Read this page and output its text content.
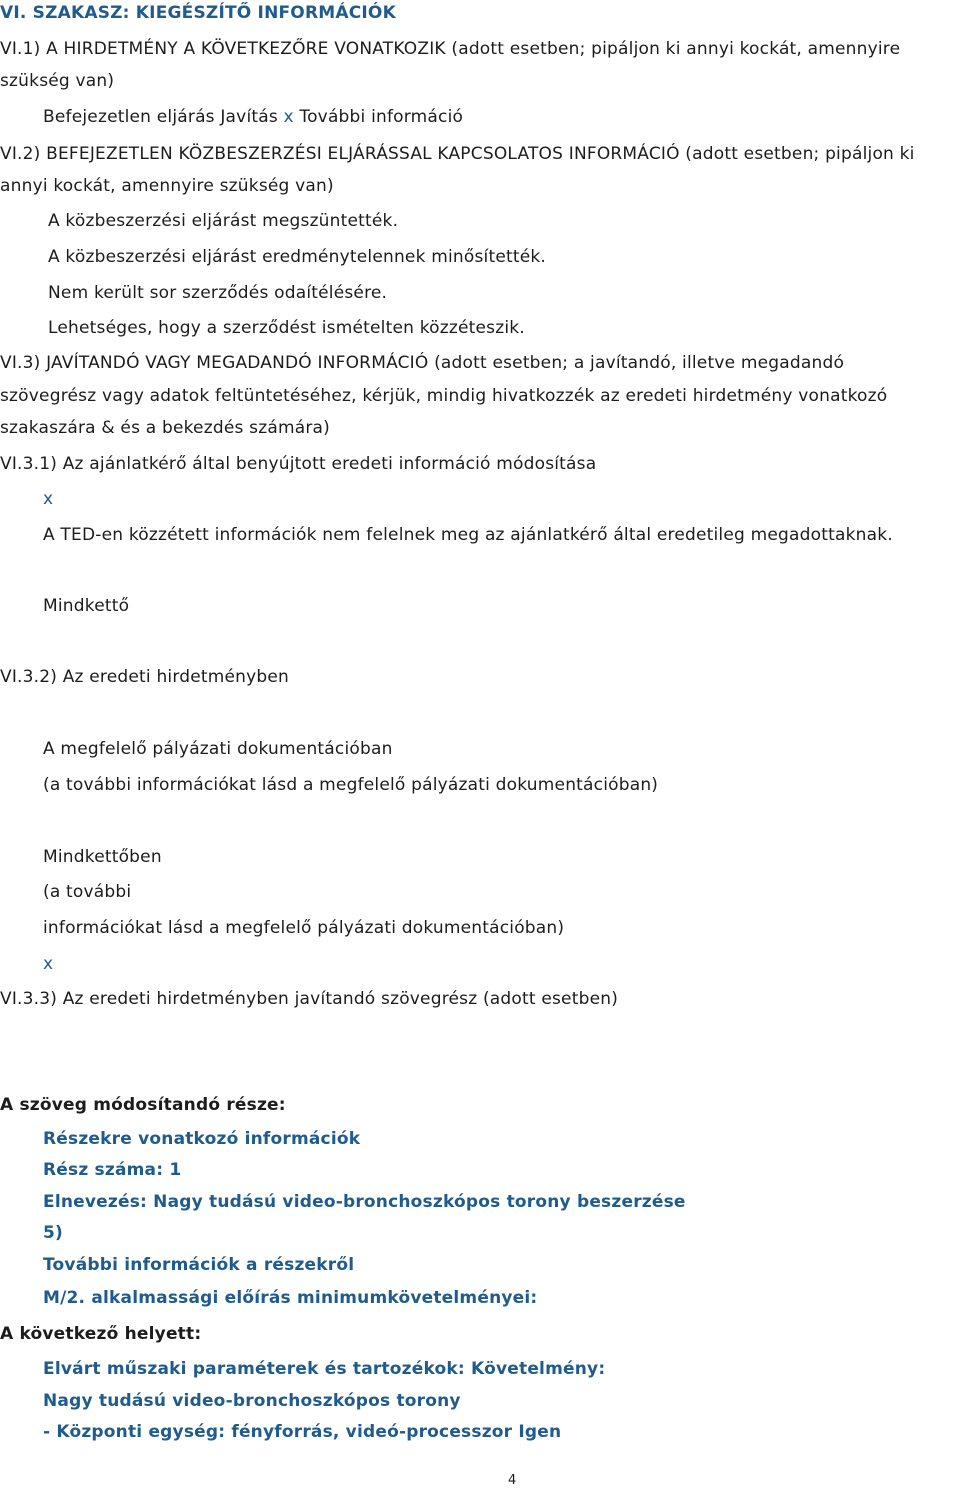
VI. SZAKASZ: KIEGÉSZÍTŐ INFORMÁCIÓK
VI.1) A HIRDETMÉNY A KÖVETKEZŐRE VONATKOZIK (adott esetben; pipáljon ki annyi kockát, amennyire
szükség van)
Befejezetlen eljárás Javítás x További információ
VI.2) BEFEJEZETLEN KÖZBESZERZÉSI ELJÁRÁSSAL KAPCSOLATOS INFORMÁCIÓ (adott esetben; pipáljon ki
annyi kockát, amennyire szükség van)
A közbeszerzési eljárást megszüntették.
A közbeszerzési eljárást eredménytelennek minősítették.
Nem került sor szerződés odaítélésére.
Lehetséges, hogy a szerződést ismételten közzéteszik.
VI.3) JAVÍTANDÓ VAGY MEGADANDÓ INFORMÁCIÓ (adott esetben; a javítandó, illetve megadandó
szövegrész vagy adatok feltüntetéséhez, kérjük, mindig hivatkozzék az eredeti hirdetmény vonatkozó
szakaszára & és a bekezdés számára)
VI.3.1) Az ajánlatkérő által benyújtott eredeti információ módosítása
x
A TED-en közzétett információk nem felelnek meg az ajánlatkérő által eredetileg megadottaknak.
Mindkettő
VI.3.2) Az eredeti hirdetményben
A megfelelő pályázati dokumentációban
(a további információkat lásd a megfelelő pályázati dokumentációban)
Mindkettőben
(a további
információkat lásd a megfelelő pályázati dokumentációban)
x
VI.3.3) Az eredeti hirdetményben javítandó szövegrész (adott esetben)
A szöveg módosítandó része:
Részekre vonatkozó információk
Rész száma: 1
Elnevezés: Nagy tudású video-bronchoszkópos torony beszerzése
5)
További információk a részekről
M/2. alkalmassági előírás minimumkövetelményei:
A következő helyett:
Elvárt műszaki paraméterek és tartozékok: Követelmény:
Nagy tudású video-bronchoszkópos torony
- Központi egység: fényforrás, videó-processzor Igen
4
